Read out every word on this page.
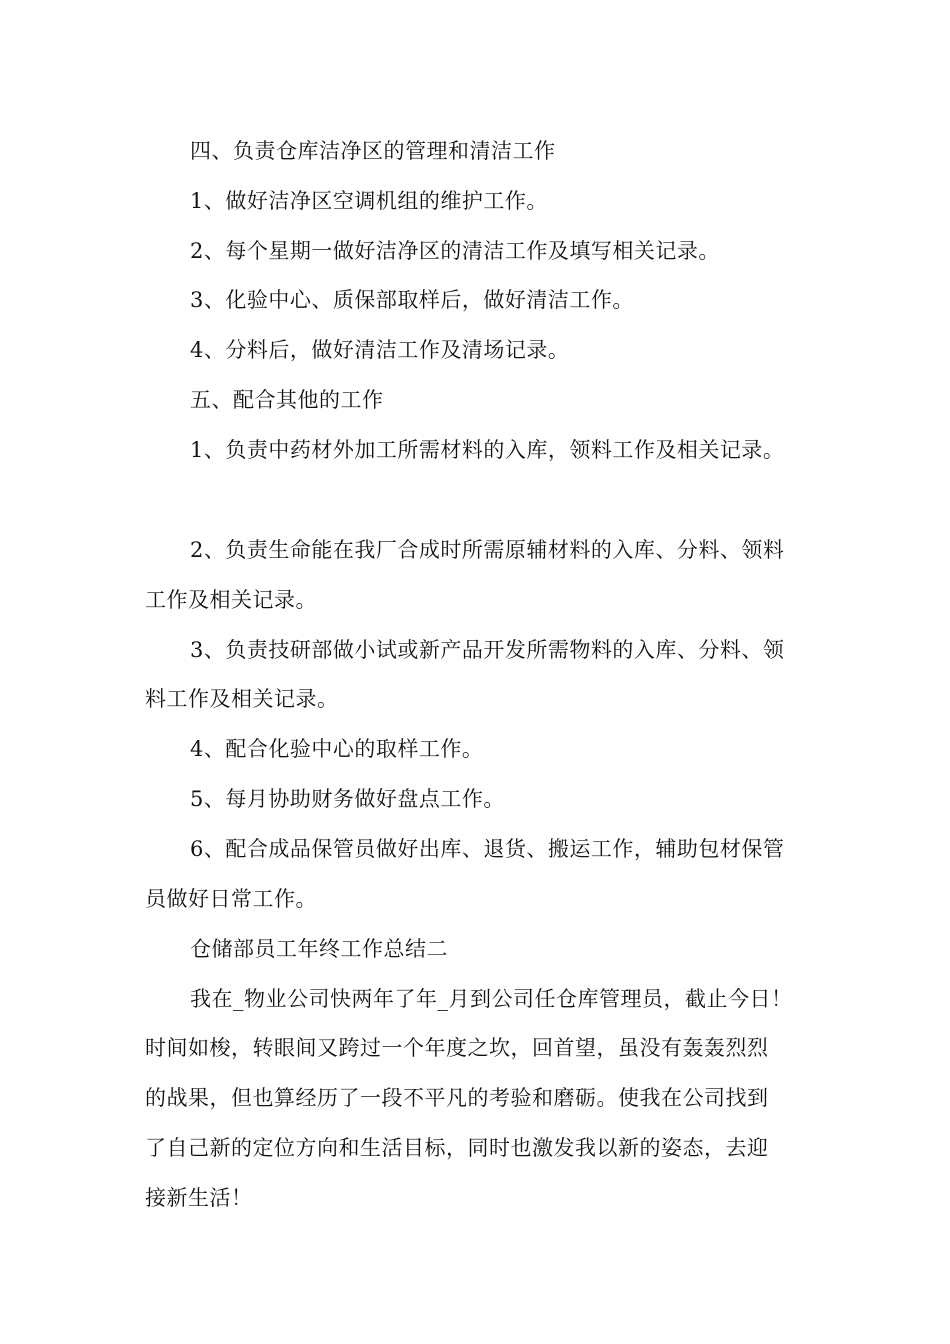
四、负责仓库洁净区的管理和清洁工作
1、做好洁净区空调机组的维护工作。
2、每个星期一做好洁净区的清洁工作及填写相关记录。
3、化验中心、质保部取样后，做好清洁工作。
4、分料后，做好清洁工作及清场记录。
五、配合其他的工作
1、负责中药材外加工所需材料的入库，领料工作及相关记录。
2、负责生命能在我厂合成时所需原辅材料的入库、分料、领料
工作及相关记录。
3、负责技研部做小试或新产品开发所需物料的入库、分料、领
料工作及相关记录。
4、配合化验中心的取样工作。
5、每月协助财务做好盘点工作。
6、配合成品保管员做好出库、退货、搬运工作，辅助包材保管
员做好日常工作。
仓储部员工年终工作总结二
我在_物业公司快两年了年_月到公司任仓库管理员，截止今日！
时间如梭，转眼间又跨过一个年度之坎，回首望，虽没有轰轰烈烈
的战果，但也算经历了一段不平凡的考验和磨砺。使我在公司找到
了自己新的定位方向和生活目标，同时也激发我以新的姿态，去迎
接新生活！
